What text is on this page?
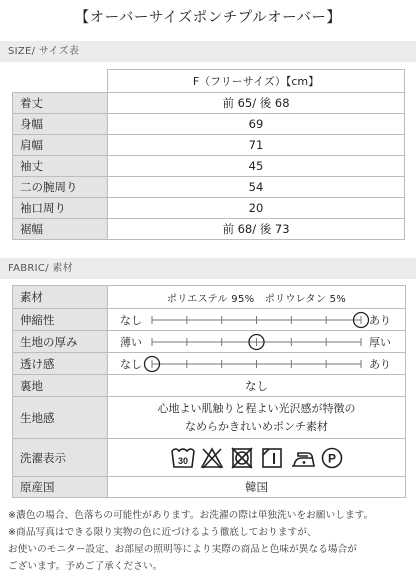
【オーバーサイズポンチプルオーバー】
SIZE/ サイズ表
	F（フリーサイズ）【cm】
着丈	前 65/ 後 68
身幅	69
肩幅	71
袖丈	45
二の腕周り	54
袖口周り	20
裾幅	前 68/ 後 73
FABRIC/ 素材
素材	ポリエステル 95%　ポリウレタン 5%
伸縮性	なし あり

生地の厚み	薄い 厚い

透け感	なし あり

裏地	なし
生地感	心地よい肌触りと程よい光沢感が特徴の
なめらかきれいめポンチ素材

洗濯表示	30 P

原産国	韓国

※濃色の場合、色落ちの可能性があります。お洗濯の際は単独洗いをお願いします。

※商品写真はできる限り実物の色に近づけるよう徹底しておりますが、

お使いのモニター設定、お部屋の照明等により実際の商品と色味が異なる場合が

ございます。予めご了承ください。
